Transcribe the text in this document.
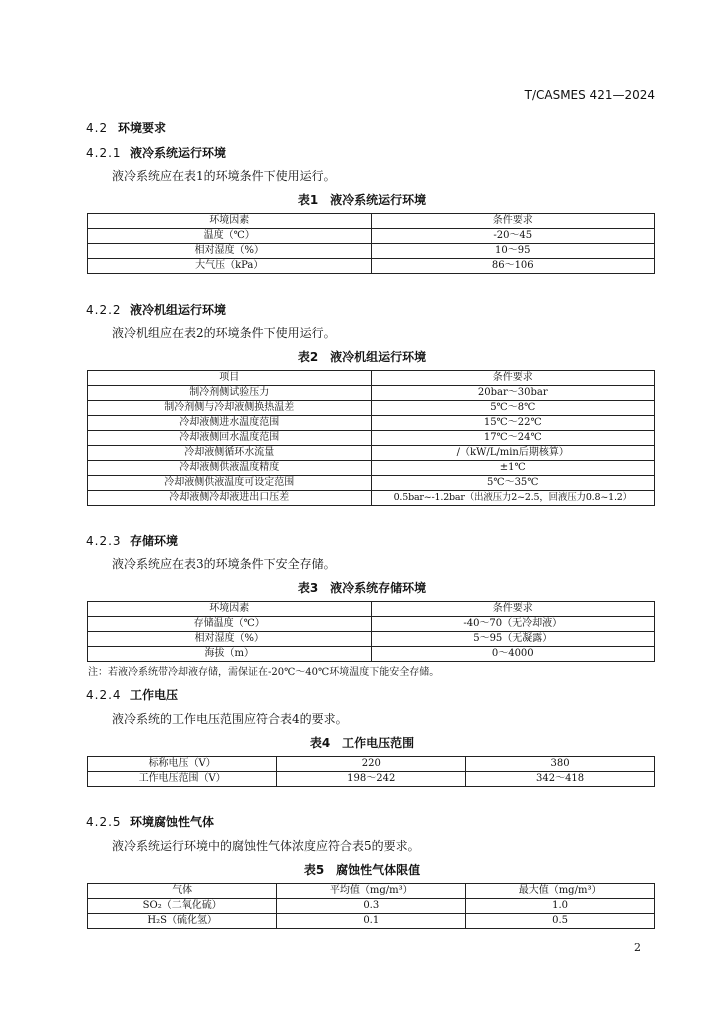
T/CASMES 421—2024
4.2 环境要求
4.2.1 液冷系统运行环境
液冷系统应在表1的环境条件下使用运行。
表1 液冷系统运行环境
环境因素	条件要求
温度（℃）	-20～45
相对湿度（%）	10～95
大气压（kPa）	86～106
4.2.2 液冷机组运行环境
液冷机组应在表2的环境条件下使用运行。
表2 液冷机组运行环境
项目	条件要求
制冷剂侧试验压力	20bar～30bar
制冷剂侧与冷却液侧换热温差	5℃～8℃
冷却液侧进水温度范围	15℃～22℃
冷却液侧回水温度范围	17℃～24℃
冷却液侧循环水流量	/（kW/L/min后期核算）
冷却液侧供液温度精度	±1℃
冷却液侧供液温度可设定范围	5℃～35℃
冷却液侧冷却液进出口压差	0.5bar~-1.2bar（出液压力2~2.5，回液压力0.8~1.2）
4.2.3 存储环境
液冷系统应在表3的环境条件下安全存储。
表3 液冷系统存储环境
环境因素	条件要求
存储温度（℃）	-40～70（无冷却液）
相对湿度（%）	5～95（无凝露）
海拔（m）	0～4000
注：若液冷系统带冷却液存储，需保证在-20℃～40℃环境温度下能安全存储。
4.2.4 工作电压
液冷系统的工作电压范围应符合表4的要求。
表4 工作电压范围
标称电压（V）	220	380
工作电压范围（V）	198～242	342～418
4.2.5 环境腐蚀性气体
液冷系统运行环境中的腐蚀性气体浓度应符合表5的要求。
表5 腐蚀性气体限值
气体	平均值（mg/m³）	最大值（mg/m³）
SO₂（二氧化硫）	0.3	1.0
H₂S（硫化氢）	0.1	0.5
2
